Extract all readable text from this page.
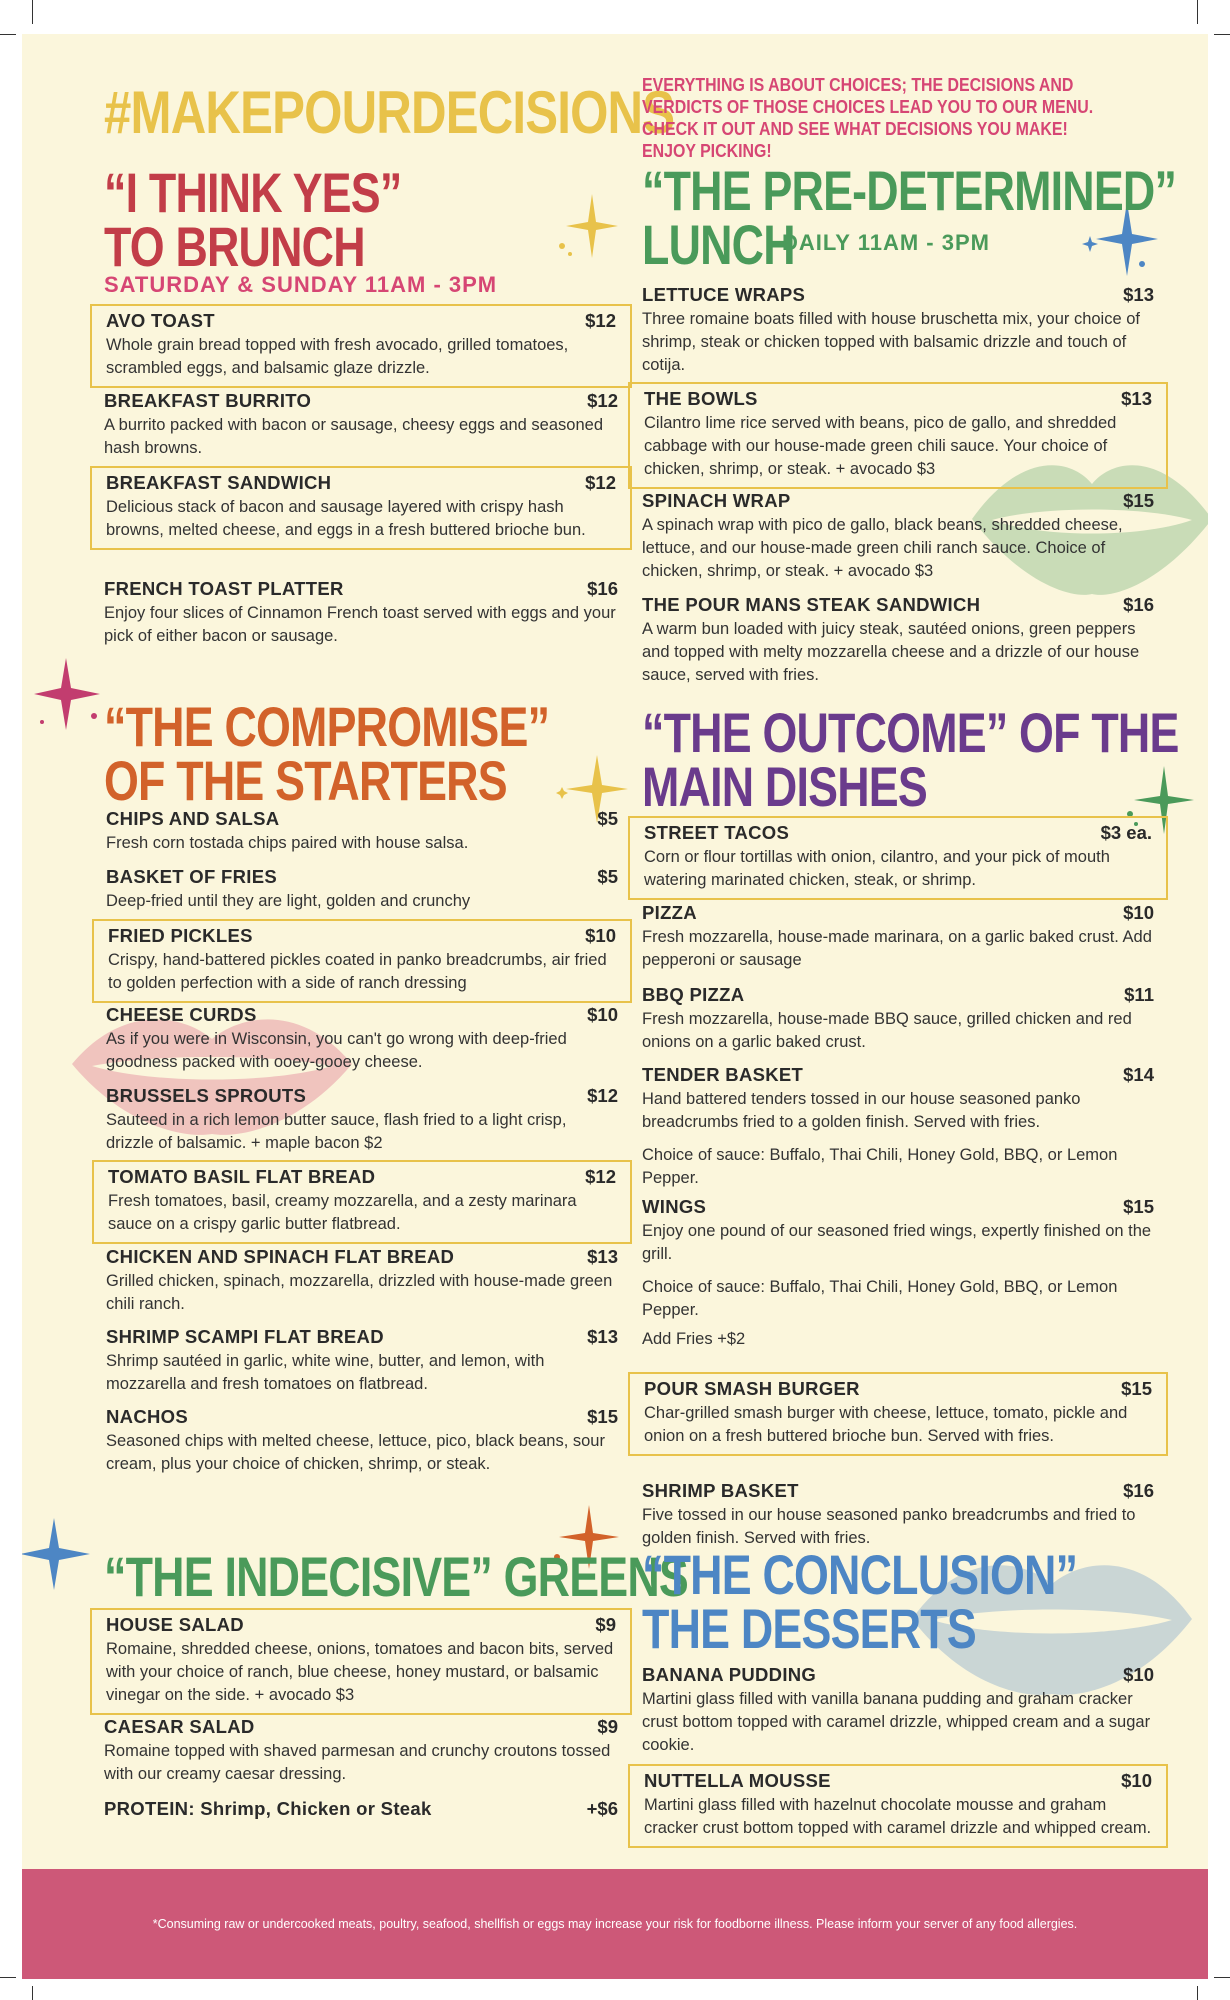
#MAKEPOURDECISIONS
EVERYTHING IS ABOUT CHOICES; THE DECISIONS AND VERDICTS OF THOSE CHOICES LEAD YOU TO OUR MENU. CHECK IT OUT AND SEE WHAT DECISIONS YOU MAKE! ENJOY PICKING!
“I THINK YES”
TO BRUNCH
SATURDAY & SUNDAY 11AM - 3PM
AVO TOAST	$12
Whole grain bread topped with fresh avocado, grilled tomatoes, scrambled eggs, and balsamic glaze drizzle.
BREAKFAST BURRITO	$12
A burrito packed with bacon or sausage, cheesy eggs and seasoned hash browns.
BREAKFAST SANDWICH	$12
Delicious stack of bacon and sausage layered with crispy hash browns, melted cheese, and eggs in a fresh buttered brioche bun.
FRENCH TOAST PLATTER	$16
Enjoy four slices of Cinnamon French toast served with eggs and your pick of either bacon or sausage.
“THE COMPROMISE”
OF THE STARTERS
CHIPS AND SALSA	$5
Fresh corn tostada chips paired with house salsa.
BASKET OF FRIES	$5
Deep-fried until they are light, golden and crunchy
FRIED PICKLES	$10
Crispy, hand-battered pickles coated in panko breadcrumbs, air fried to golden perfection with a side of ranch dressing
CHEESE CURDS	$10
As if you were in Wisconsin, you can't go wrong with deep-fried goodness packed with ooey-gooey cheese.
BRUSSELS SPROUTS	$12
Sauteed in a rich lemon butter sauce, flash fried to a light crisp, drizzle of balsamic. + maple bacon $2
TOMATO BASIL FLAT BREAD	$12
Fresh tomatoes, basil, creamy mozzarella, and a zesty marinara sauce on a crispy garlic butter flatbread.
CHICKEN AND SPINACH FLAT BREAD	$13
Grilled chicken, spinach, mozzarella, drizzled with house-made green chili ranch.
SHRIMP SCAMPI FLAT BREAD	$13
Shrimp sautéed in garlic, white wine, butter, and lemon, with mozzarella and fresh tomatoes on flatbread.
NACHOS	$15
Seasoned chips with melted cheese, lettuce, pico, black beans, sour cream, plus your choice of chicken, shrimp, or steak.
“THE INDECISIVE” GREENS
HOUSE SALAD	$9
Romaine, shredded cheese, onions, tomatoes and bacon bits, served with your choice of ranch, blue cheese, honey mustard, or balsamic vinegar on the side. + avocado $3
CAESAR SALAD	$9
Romaine topped with shaved parmesan and crunchy croutons tossed with our creamy caesar dressing.
PROTEIN: Shrimp, Chicken or Steak	+$6
“THE PRE-DETERMINED”
LUNCH
DAILY 11AM - 3PM
LETTUCE WRAPS	$13
Three romaine boats filled with house bruschetta mix, your choice of shrimp, steak or chicken topped with balsamic drizzle and touch of cotija.
THE BOWLS	$13
Cilantro lime rice served with beans, pico de gallo, and shredded cabbage with our house-made green chili sauce. Your choice of chicken, shrimp, or steak. + avocado $3
SPINACH WRAP	$15
A spinach wrap with pico de gallo, black beans, shredded cheese, lettuce, and our house-made green chili ranch sauce. Choice of chicken, shrimp, or steak. + avocado $3
THE POUR MANS STEAK SANDWICH	$16
A warm bun loaded with juicy steak, sautéed onions, green peppers and topped with melty mozzarella cheese and a drizzle of our house sauce, served with fries.
“THE OUTCOME” OF THE
MAIN DISHES
STREET TACOS	$3 ea.
Corn or flour tortillas with onion, cilantro, and your pick of mouth watering marinated chicken, steak, or shrimp.
PIZZA	$10
Fresh mozzarella, house-made marinara, on a garlic baked crust. Add pepperoni or sausage
BBQ PIZZA	$11
Fresh mozzarella, house-made BBQ sauce, grilled chicken and red onions on a garlic baked crust.
TENDER BASKET	$14

Hand battered tenders tossed in our house seasoned panko breadcrumbs fried to a golden finish. Served with fries.

Choice of sauce: Buffalo, Thai Chili, Honey Gold, BBQ, or Lemon Pepper.

WINGS	$15

Enjoy one pound of our seasoned fried wings, expertly finished on the grill.

Choice of sauce: Buffalo, Thai Chili, Honey Gold, BBQ, or Lemon Pepper.

Add Fries +$2

POUR SMASH BURGER	$15
Char-grilled smash burger with cheese, lettuce, tomato, pickle and onion on a fresh buttered brioche bun. Served with fries.
SHRIMP BASKET	$16
Five tossed in our house seasoned panko breadcrumbs and fried to golden finish. Served with fries.
“THE CONCLUSION”
THE DESSERTS
BANANA PUDDING	$10
Martini glass filled with vanilla banana pudding and graham cracker crust bottom topped with caramel drizzle, whipped cream and a sugar cookie.
NUTTELLA MOUSSE	$10
Martini glass filled with hazelnut chocolate mousse and graham cracker crust bottom topped with caramel drizzle and whipped cream.
*Consuming raw or undercooked meats, poultry, seafood, shellfish or eggs may increase your risk for foodborne illness. Please inform your server of any food allergies.
